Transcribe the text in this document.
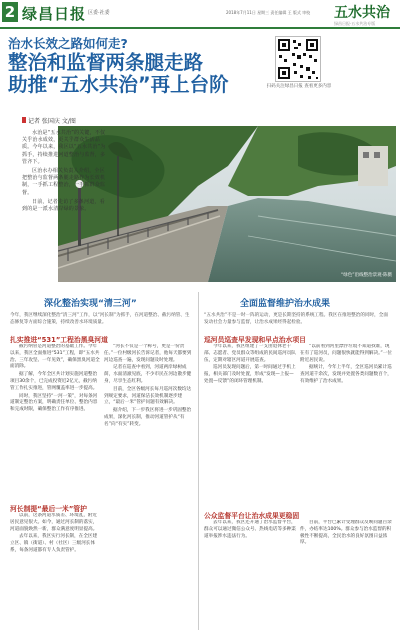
2 绿昌日报 区委·社委	2018年7月11日 星期三 责任编辑 王 版式 审校 五水共治
绿昌日报·五水共治专版
治水长效之路如何走?
整治和监督两条腿走路
助推“五水共治”再上台阶	扫码关注绿昌日报 查看更多内容
记者 张国庆 文/图
“绿色”沿线整治景观·陈摄

水治是“五水共治”的关键，不仅关乎治水成效，更关乎群众生活品质。今年以来，我区以“五水共治”为抓手，持续推进河道整治与监督，多管齐下。

区治水办相关负责人介绍，全区把整治与监督两条腿走路作为长效机制，一手抓工程整治，一手抓群众监督。

日前，记者走访了多条河道，看到的是一派水清岸绿的景象。

深化整治实现“清三河”
今年，我区继续深化整治“清三河”工作，以“河长制”为抓手，在河道整治、截污纳管、生态修复等方面综合施策，持续改善水环境质量。
扎实推进“531”工程治黑臭河道

截污纳管是河道整治的基础工作。今年以来，我区全面推进“531”工程，即“五水共治、三年攻坚、一年见效”，确保黑臭河道全面消除。

据了解，今年全区共计划实施河道整治项目30余个，已完成投资近2亿元，截污纳管工作扎实推进，管网覆盖率进一步提高。

同时，我区坚持“一河一策”，对每条河道制定整治方案，明确责任单位、整治内容和完成时限，确保整治工作有序推进。

河长制提“最后一米”管护

以前，这条河道水质差、环境乱，附近居民意见很大。如今，通过河长制的落实，河道面貌焕然一新，群众满意度明显提高。

去年以来，我区实行河长制，在全区建立区、镇（街道）、村（社区）三级河长体系，每条河道都有专人负责管护。

“河长不仅是一个称号，更是一份责任。”一位村级河长告诉记者，他每天都要到河边巡查一遍，发现问题及时处理。

记者在巡查中看到，河道两岸绿树成荫，水面清澈见底，不少市民在河边散步健身，尽享生态红利。

目前，全区各级河长每月巡河次数均达到规定要求，河道保洁长效机制逐步建立，“最后一米”管护问题有效解决。

据介绍，下一步我区将进一步巩固整治成果，深化河长制，推动河道管护从“有名”向“有实”转变。

全面监督维护治水成果
“五水共治”不是一时一阵的运动，更是长期坚持的系统工程。我区在推进整治的同时，全面发动社会力量参与监督，让治水成果经得起检验。
巡河员巡查早发现和早点治水项目

今年以来，我区组建了一支由退休老干部、志愿者、党员群众等组成的民间巡河员队伍，定期对辖区河道开展巡查。

巡河员发现问题后，第一时间通过手机上报，相关部门及时处置，形成“发现—上报—处置—反馈”的闭环管理机制。

“以前看到河里漂浮垃圾不知道找谁，现在有了巡河员，问题很快就能得到解决。”一位附近居民说。

据统计，今年上半年，全区巡河员累计巡查河道千余次，发现并处置各类问题数百个，有效维护了治水成果。

公众监督平台让治水成果更稳固

去年以来，我区还开通了治水监督平台，群众可以通过微信公众号、热线电话等多种渠道举报涉水违法行为。

目前，平台已累计受理群众反映问题百余件，办结率达100%。群众参与治水监督的积极性不断提高，全民治水的良好氛围日益浓厚。
